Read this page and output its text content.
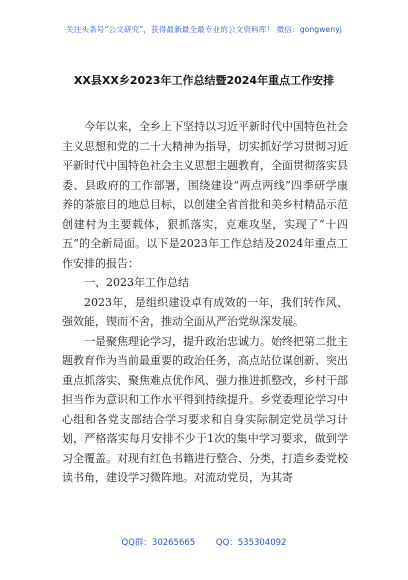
关注头条号“公文研究”，获得最新最全最专业的公文资料库！ 微信：gongwenyj
XX县XX乡2023年工作总结暨2024年重点工作安排

今年以来，全乡上下坚持以习近平新时代中国特色社会主义思想和党的二十大精神为指导，切实抓好学习贯彻习近平新时代中国特色社会主义思想主题教育，全面贯彻落实县委、县政府的工作部署，围绕建设“两点两线”四季研学康养的茶旅目的地总目标，以创建全省首批和美乡村精品示范创建村为主要载体，狠抓落实，克难攻坚，实现了“十四五”的全新局面。以下是2023年工作总结及2024年重点工作安排的报告：

一、2023年工作总结

2023年，是组织建设卓有成效的一年，我们转作风、强效能，锲而不舍，推动全面从严治党纵深发展。

一是聚焦理论学习，提升政治忠诚力。始终把第二批主题教育作为当前最重要的政治任务，高点站位谋创新、突出重点抓落实、聚焦难点优作风、强力推进抓整改，乡村干部担当作为意识和工作水平得到持续提升。乡党委理论学习中心组和各党支部结合学习要求和自身实际制定党员学习计划，严格落实每月安排不少于1次的集中学习要求，做到学习全覆盖。对现有红色书籍进行整合、分类，打造乡委党校读书角，建设学习微阵地。对流动党员，为其寄

QQ群：30265665 QQ：535304092
